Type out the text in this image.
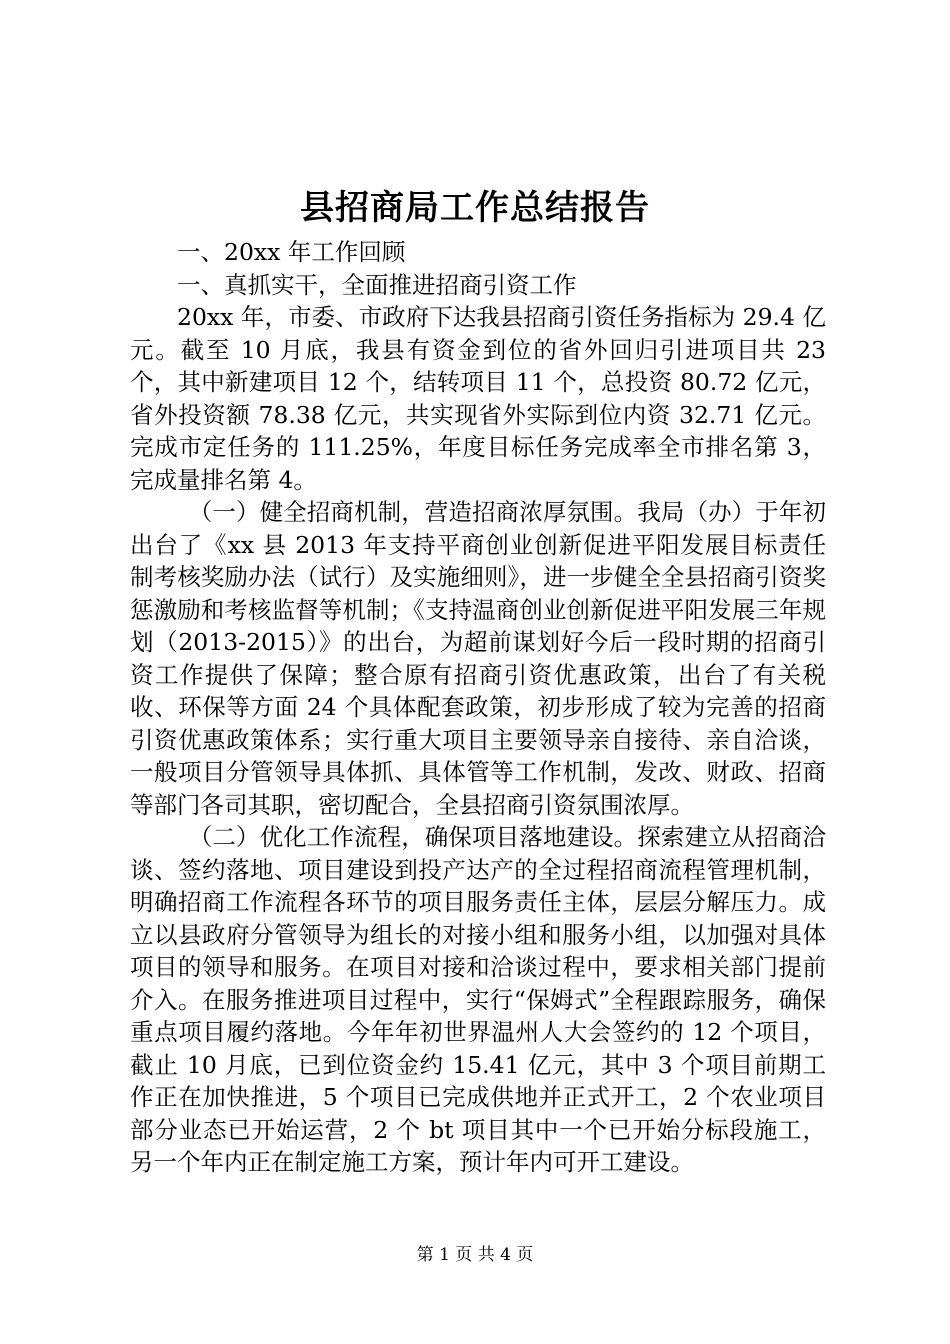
县招商局工作总结报告

一、20xx 年工作回顾

一、真抓实干，全面推进招商引资工作

20xx 年，市委、市政府下达我县招商引资任务指标为 29.4 亿元。截至 10 月底，我县有资金到位的省外回归引进项目共 23 个，其中新建项目 12 个，结转项目 11 个，总投资 80.72 亿元，省外投资额 78.38 亿元，共实现省外实际到位内资 32.71 亿元。完成市定任务的 111.25%，年度目标任务完成率全市排名第 3，完成量排名第 4。

（一）健全招商机制，营造招商浓厚氛围。我局（办）于年初出台了《xx 县 2013 年支持平商创业创新促进平阳发展目标责任制考核奖励办法（试行）及实施细则》，进一步健全全县招商引资奖惩激励和考核监督等机制；《支持温商创业创新促进平阳发展三年规划（2013-2015）》的出台，为超前谋划好今后一段时期的招商引资工作提供了保障；整合原有招商引资优惠政策，出台了有关税收、环保等方面 24 个具体配套政策，初步形成了较为完善的招商引资优惠政策体系；实行重大项目主要领导亲自接待、亲自洽谈，一般项目分管领导具体抓、具体管等工作机制，发改、财政、招商等部门各司其职，密切配合，全县招商引资氛围浓厚。

（二）优化工作流程，确保项目落地建设。探索建立从招商洽谈、签约落地、项目建设到投产达产的全过程招商流程管理机制，明确招商工作流程各环节的项目服务责任主体，层层分解压力。成立以县政府分管领导为组长的对接小组和服务小组，以加强对具体项目的领导和服务。在项目对接和洽谈过程中，要求相关部门提前介入。在服务推进项目过程中，实行“保姆式”全程跟踪服务，确保重点项目履约落地。今年年初世界温州人大会签约的 12 个项目，截止 10 月底，已到位资金约 15.41 亿元，其中 3 个项目前期工作正在加快推进，5 个项目已完成供地并正式开工，2 个农业项目部分业态已开始运营，2 个 bt 项目其中一个已开始分标段施工，另一个年内正在制定施工方案，预计年内可开工建设。

第 1 页 共 4 页
